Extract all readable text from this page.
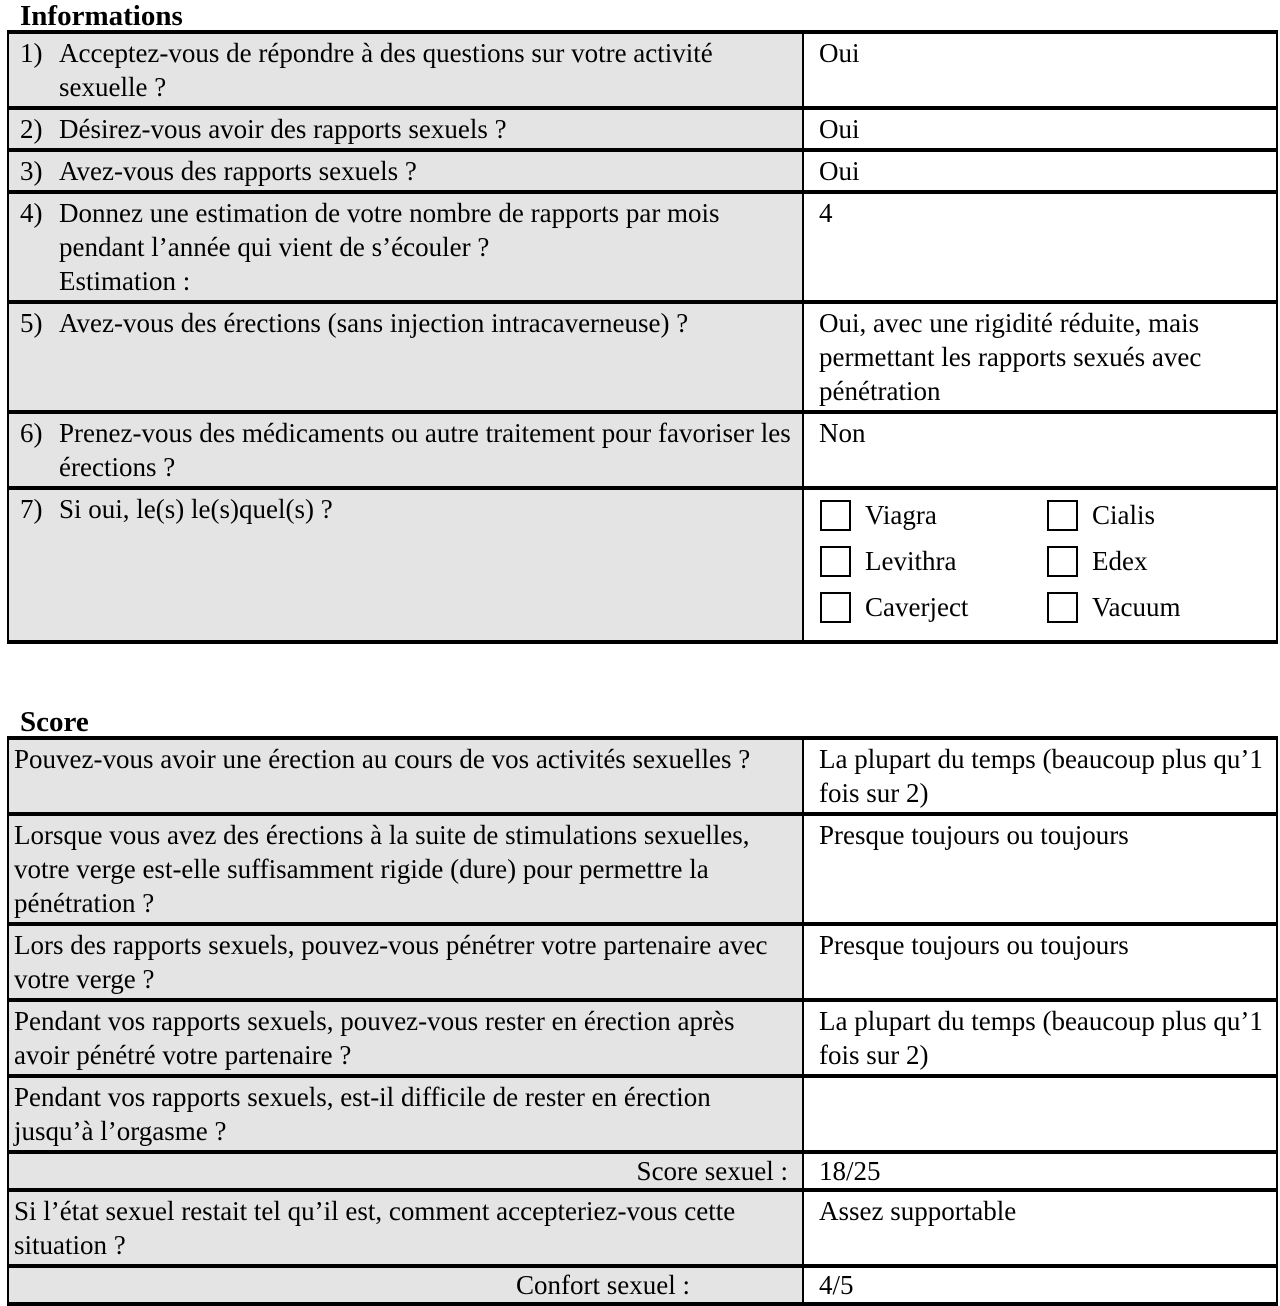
Informations
1) Acceptez-vous de répondre à des questions sur votre activité sexuelle ?	Oui

2) Désirez-vous avoir des rapports sexuels ?	Oui

3) Avez-vous des rapports sexuels ?	Oui

4) Donnez une estimation de votre nombre de rapports par mois pendant l’année qui vient de s’écouler ?
Estimation :	4

5) Avez-vous des érections (sans injection intracaverneuse) ?	Oui, avec une rigidité réduite, mais permettant les rapports sexués avec pénétration

6) Prenez-vous des médicaments ou autre traitement pour favoriser les érections ?	Non

7) Si oui, le(s) le(s)quel(s) ?	Viagra	Cialis
Levithra	Edex
Caverject	Vacuum
Score
Pouvez-vous avoir une érection au cours de vos activités sexuelles ?	La plupart du temps (beaucoup plus qu’1 fois sur 2)
Lorsque vous avez des érections à la suite de stimulations sexuelles, votre verge est-elle suffisamment rigide (dure) pour permettre la pénétration ?	Presque toujours ou toujours
Lors des rapports sexuels, pouvez-vous pénétrer votre partenaire avec votre verge ?	Presque toujours ou toujours
Pendant vos rapports sexuels, pouvez-vous rester en érection après avoir pénétré votre partenaire ?	La plupart du temps (beaucoup plus qu’1 fois sur 2)
Pendant vos rapports sexuels, est-il difficile de rester en érection jusqu’à l’orgasme ?	
Score sexuel :	18/25
Si l’état sexuel restait tel qu’il est, comment accepteriez-vous cette situation ?	Assez supportable
Confort sexuel :	4/5
